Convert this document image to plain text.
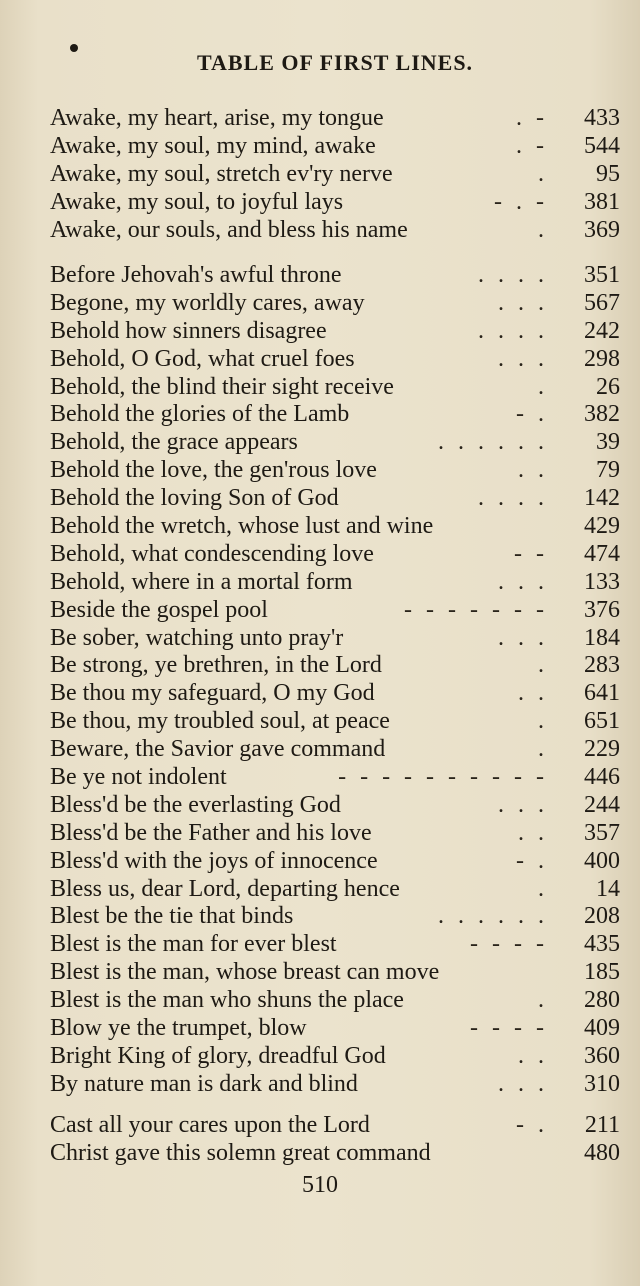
TABLE OF FIRST LINES.
Awake, my heart, arise, my tongue	. -	433
Awake, my soul, my mind, awake	. -	544
Awake, my soul, stretch ev'ry nerve	.	95
Awake, my soul, to joyful lays	- . -	381
Awake, our souls, and bless his name	.	369
Before Jehovah's awful throne	. . . .	351
Begone, my worldly cares, away	. . .	567
Behold how sinners disagree	. . . .	242
Behold, O God, what cruel foes	. . .	298
Behold, the blind their sight receive	.	26
Behold the glories of the Lamb	- .	382
Behold, the grace appears	. . . . . .	39
Behold the love, the gen'rous love	. .	79
Behold the loving Son of God	. . . .	142
Behold the wretch, whose lust and wine	429
Behold, what condescending love	- -	474
Behold, where in a mortal form	. . .	133
Beside the gospel pool	- - - - - - -	376
Be sober, watching unto pray'r	. . .	184
Be strong, ye brethren, in the Lord	.	283
Be thou my safeguard, O my God	. .	641
Be thou, my troubled soul, at peace	.	651
Beware, the Savior gave command	.	229
Be ye not indolent	- - - - - - - - - -	446
Bless'd be the everlasting God	. . .	244
Bless'd be the Father and his love	. .	357
Bless'd with the joys of innocence	- .	400
Bless us, dear Lord, departing hence	.	14
Blest be the tie that binds	. . . . . .	208
Blest is the man for ever blest	- - - -	435
Blest is the man, whose breast can move	185
Blest is the man who shuns the place	.	280
Blow ye the trumpet, blow	- - - -	409
Bright King of glory, dreadful God	. .	360
By nature man is dark and blind	. . .	310
Cast all your cares upon the Lord	- .	211
Christ gave this solemn great command	480
510
